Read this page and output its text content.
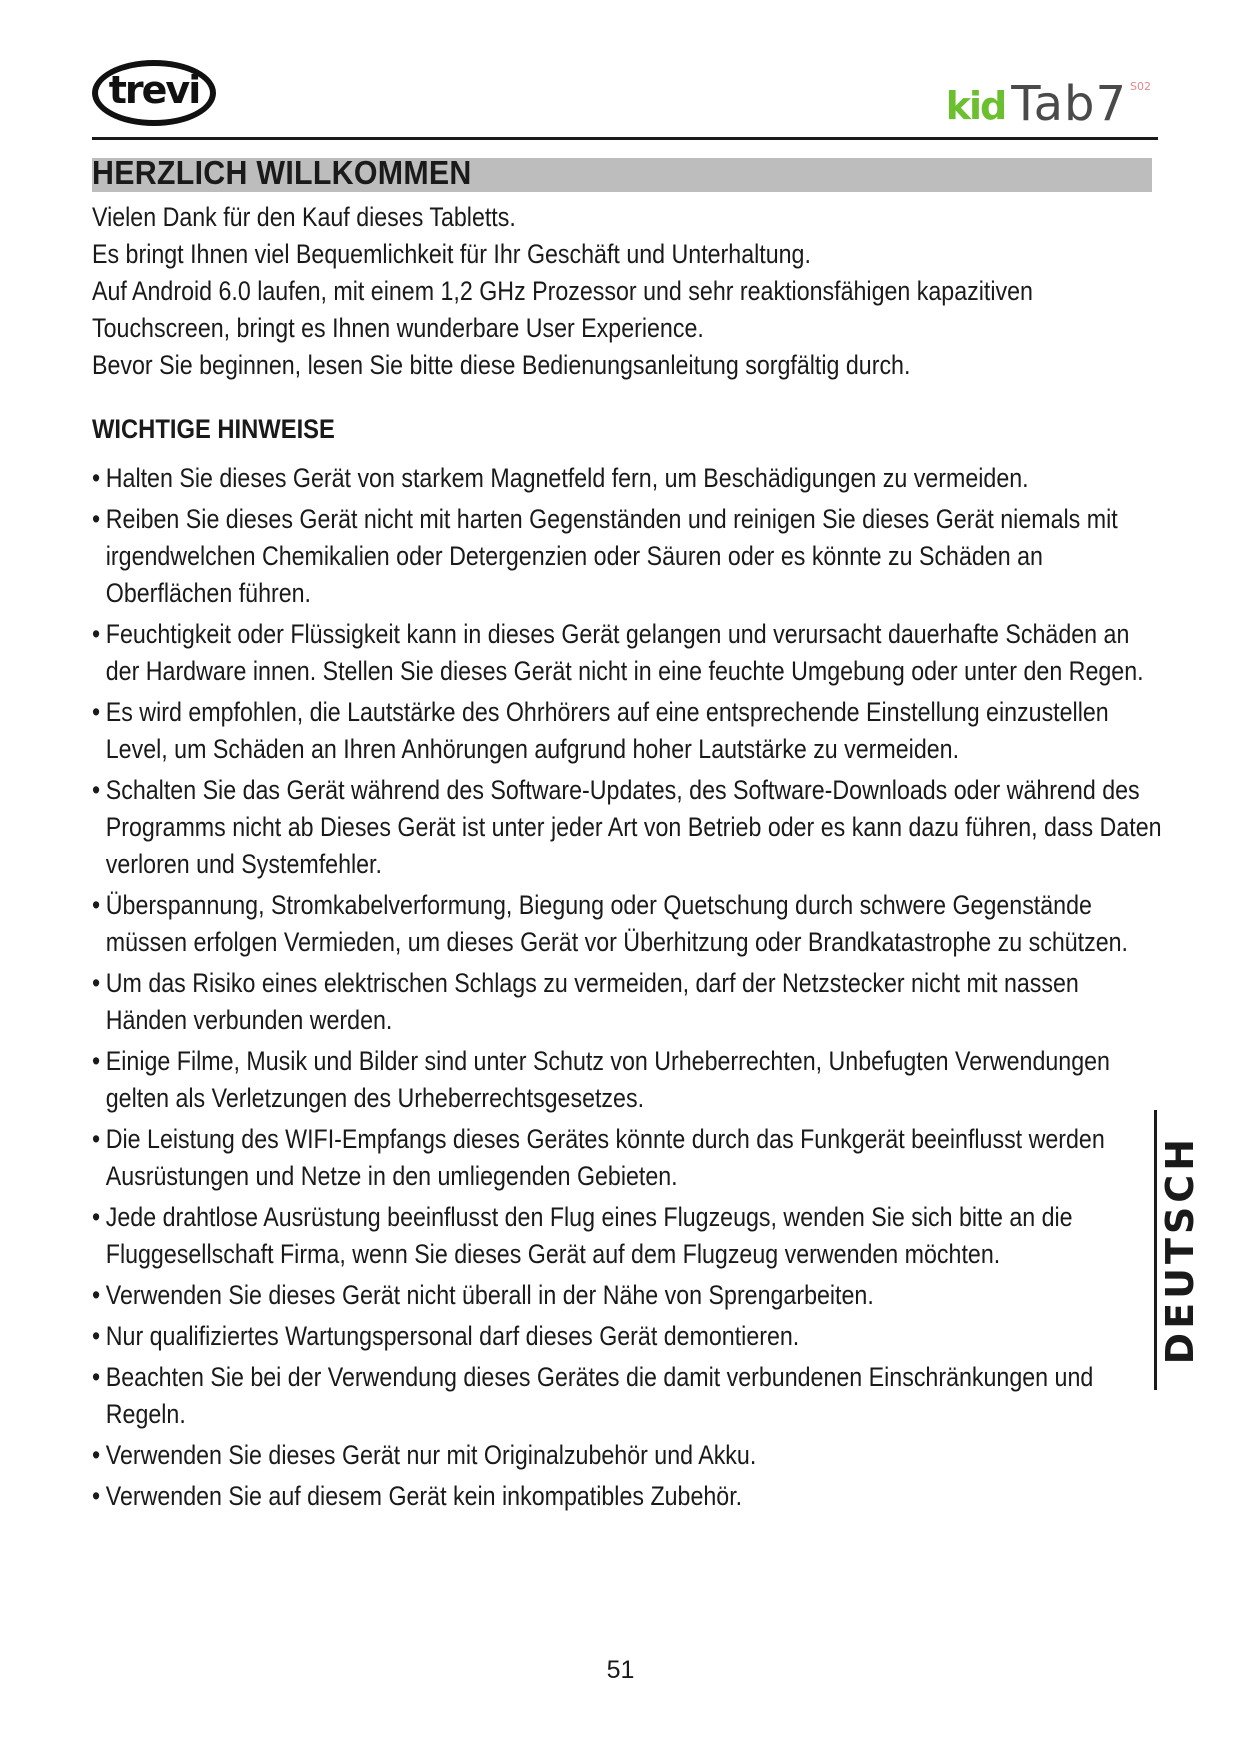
trevi	kid Tab7 S02
HERZLICH WILLKOMMEN

Vielen Dank für den Kauf dieses Tabletts.

Es bringt Ihnen viel Bequemlichkeit für Ihr Geschäft und Unterhaltung.

Auf Android 6.0 laufen, mit einem 1,2 GHz Prozessor und sehr reaktionsfähigen kapazitiven Touchscreen, bringt es Ihnen wunderbare User Experience.

Bevor Sie beginnen, lesen Sie bitte diese Bedienungsanleitung sorgfältig durch.

WICHTIGE HINWEISE
• Halten Sie dieses Gerät von starkem Magnetfeld fern, um Beschädigungen zu vermeiden.
• Reiben Sie dieses Gerät nicht mit harten Gegenständen und reinigen Sie dieses Gerät niemals mit irgendwelchen Chemikalien oder Detergenzien oder Säuren oder es könnte zu Schäden an Oberflächen führen.
• Feuchtigkeit oder Flüssigkeit kann in dieses Gerät gelangen und verursacht dauerhafte Schäden an der Hardware innen. Stellen Sie dieses Gerät nicht in eine feuchte Umgebung oder unter den Regen.
• Es wird empfohlen, die Lautstärke des Ohrhörers auf eine entsprechende Einstellung einzustellen Level, um Schäden an Ihren Anhörungen aufgrund hoher Lautstärke zu vermeiden.
• Schalten Sie das Gerät während des Software-Updates, des Software-Downloads oder während des Programms nicht ab Dieses Gerät ist unter jeder Art von Betrieb oder es kann dazu führen, dass Daten verloren und Systemfehler.
• Überspannung, Stromkabelverformung, Biegung oder Quetschung durch schwere Gegenstände müssen erfolgen Vermieden, um dieses Gerät vor Überhitzung oder Brandkatastrophe zu schützen.
• Um das Risiko eines elektrischen Schlags zu vermeiden, darf der Netzstecker nicht mit nassen Händen verbunden werden.
• Einige Filme, Musik und Bilder sind unter Schutz von Urheberrechten, Unbefugten Verwendungen gelten als Verletzungen des Urheberrechtsgesetzes.
• Die Leistung des WIFI-Empfangs dieses Gerätes könnte durch das Funkgerät beeinflusst werden Ausrüstungen und Netze in den umliegenden Gebieten.
• Jede drahtlose Ausrüstung beeinflusst den Flug eines Flugzeugs, wenden Sie sich bitte an die Fluggesellschaft Firma, wenn Sie dieses Gerät auf dem Flugzeug verwenden möchten.
• Verwenden Sie dieses Gerät nicht überall in der Nähe von Sprengarbeiten.
• Nur qualifiziertes Wartungspersonal darf dieses Gerät demontieren.
• Beachten Sie bei der Verwendung dieses Gerätes die damit verbundenen Einschränkungen und Regeln.
• Verwenden Sie dieses Gerät nur mit Originalzubehör und Akku.
• Verwenden Sie auf diesem Gerät kein inkompatibles Zubehör.
DEUTSCH
51
